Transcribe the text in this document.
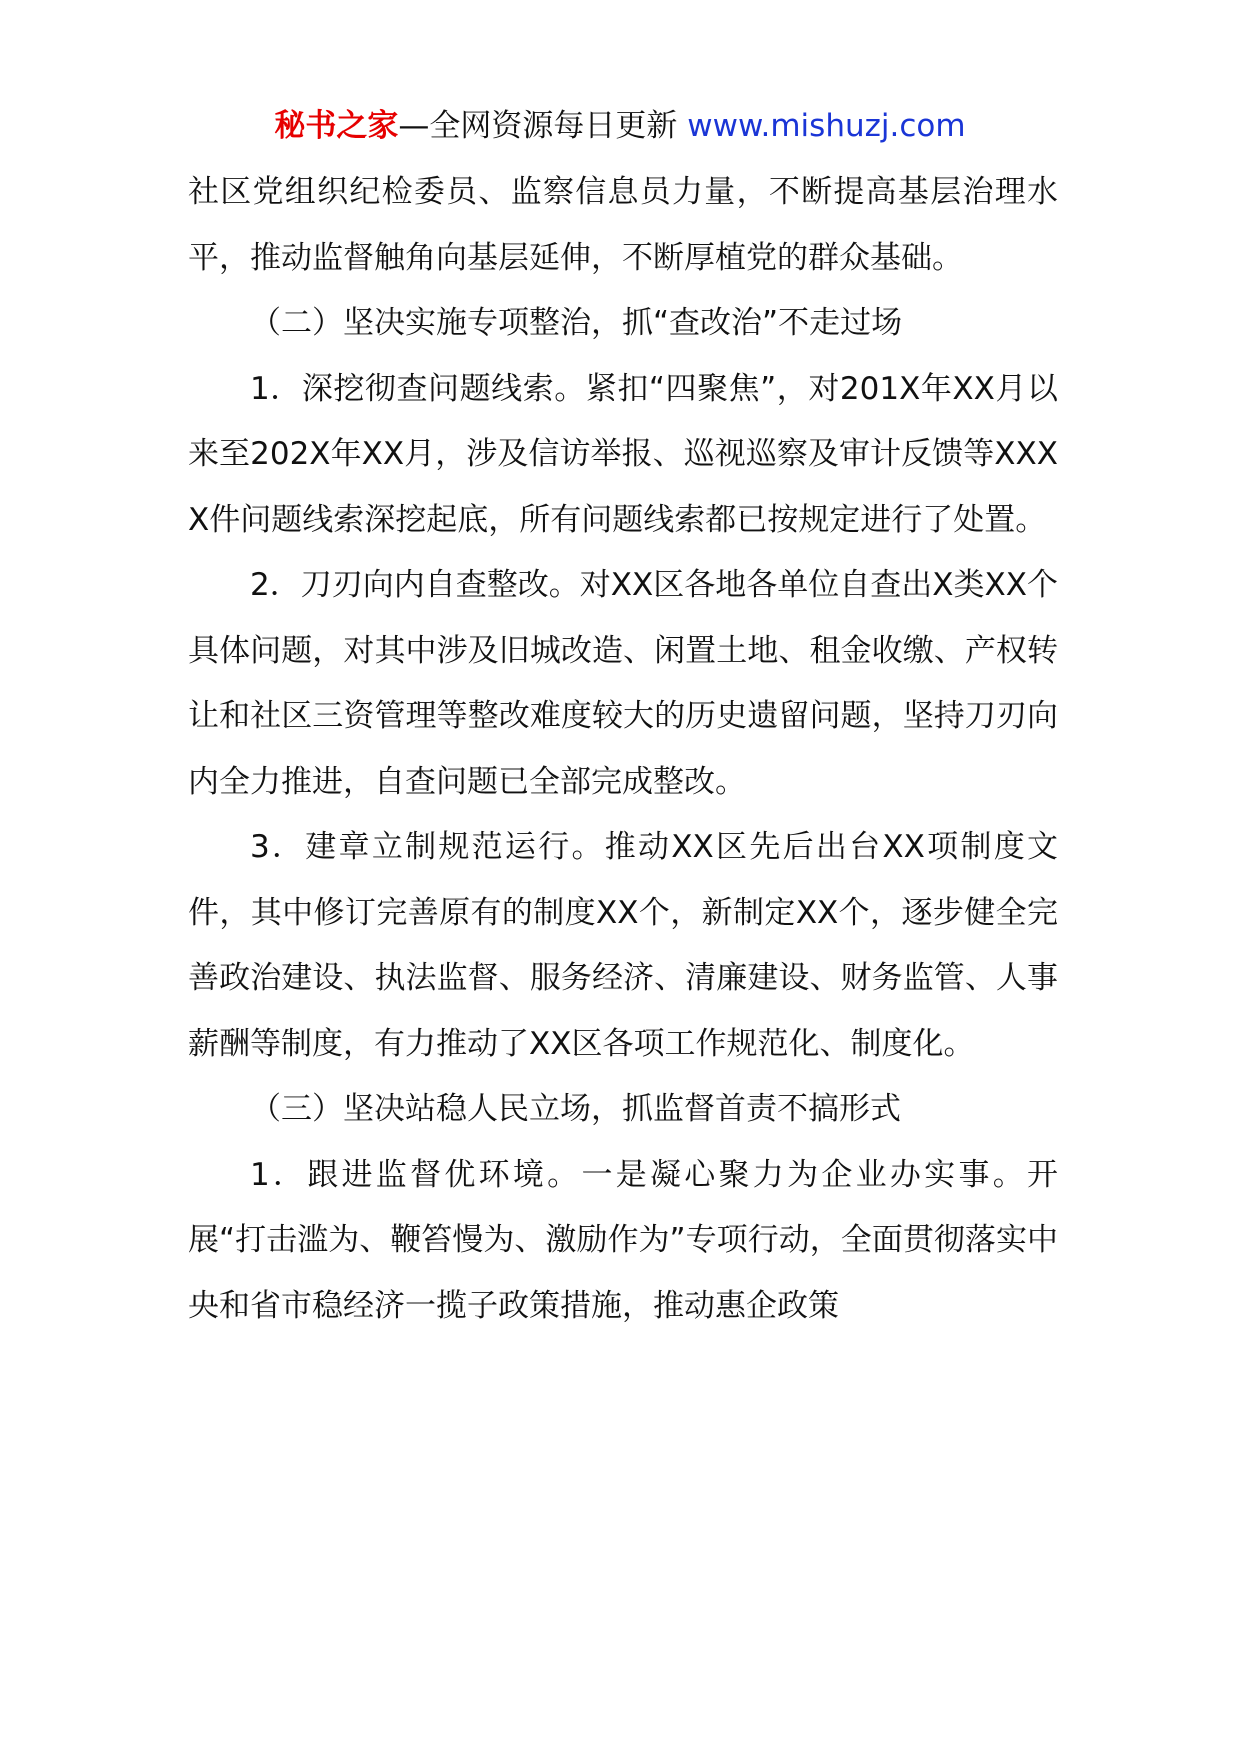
秘书之家—全网资源每日更新 www.mishuzj.com

社区党组织纪检委员、监察信息员力量，不断提高基层治理水平，推动监督触角向基层延伸，不断厚植党的群众基础。

（二）坚决实施专项整治，抓“查改治”不走过场

1．深挖彻查问题线索。紧扣“四聚焦”，对201X年XX月以来至202X年XX月，涉及信访举报、巡视巡察及审计反馈等XXXX件问题线索深挖起底，所有问题线索都已按规定进行了处置。

2．刀刃向内自查整改。对XX区各地各单位自查出X类XX个具体问题，对其中涉及旧城改造、闲置土地、租金收缴、产权转让和社区三资管理等整改难度较大的历史遗留问题，坚持刀刃向内全力推进，自查问题已全部完成整改。

3．建章立制规范运行。推动XX区先后出台XX项制度文件，其中修订完善原有的制度XX个，新制定XX个，逐步健全完善政治建设、执法监督、服务经济、清廉建设、财务监管、人事薪酬等制度，有力推动了XX区各项工作规范化、制度化。

（三）坚决站稳人民立场，抓监督首责不搞形式

1．跟进监督优环境。一是凝心聚力为企业办实事。开展“打击滥为、鞭笞慢为、激励作为”专项行动，全面贯彻落实中央和省市稳经济一揽子政策措施，推动惠企政策
